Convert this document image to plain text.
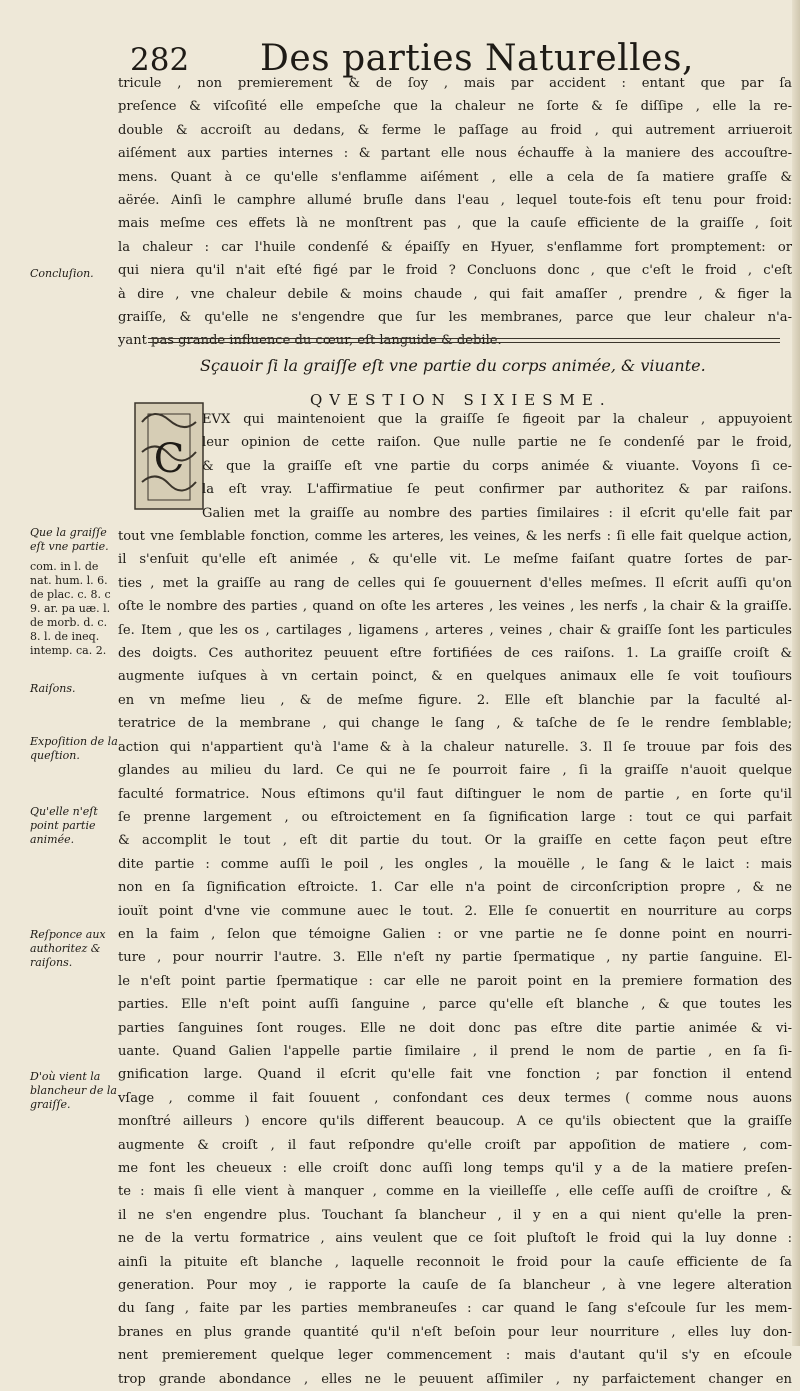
282 Des parties Naturelles,

tricule , non premierement & de ſoy , mais par accident : entant que par ſa

preſence & viſcoſité elle empeſche que la chaleur ne ſorte & ſe diſſipe , elle la re-

double & accroiſt au dedans, & ferme le paſſage au froid , qui autrement arriueroit

aiſément aux parties internes : & partant elle nous échauffe à la maniere des accouſtre-

mens. Quant à ce qu'elle s'enflamme aiſément , elle a cela de ſa matiere graſſe &

aërée. Ainſi le camphre allumé bruſle dans l'eau , lequel toute-fois eſt tenu pour froid:

mais meſme ces effets là ne monſtrent pas , que la cauſe efficiente de la graiſſe , ſoit

la chaleur : car l'huile condenſé & épaiſſy en Hyuer, s'enflamme fort promptement: or

qui niera qu'il n'ait eſté figé par le froid ? Concluons donc , que c'eſt le froid , c'eſt

à dire , vne chaleur debile & moins chaude , qui fait amaſſer , prendre , & figer la

graiſſe, & qu'elle ne s'engendre que ſur les membranes, parce que leur chaleur n'a-

yant pas grande influence du cœur, eſt languide & debile.

Sçauoir ſi la graiſſe eſt vne partie du corps animée, & viuante.
QVESTION SIXIESME.
C

EVX qui maintenoient que la graiſſe ſe figeoit par la chaleur , appuyoient

leur opinion de cette raiſon. Que nulle partie ne ſe condenſé par le froid,

& que la graiſſe eſt vne partie du corps animée & viuante. Voyons ſi ce-

la eſt vray. L'affirmatiue ſe peut confirmer par authoritez & par raiſons.

Galien met la graiſſe au nombre des parties ſimilaires : il eſcrit qu'elle fait par

tout vne ſemblable fonction, comme les arteres, les veines, & les nerfs : ſi elle fait quelque action,

il s'enſuit qu'elle eſt animée , & qu'elle vit. Le meſme faiſant quatre ſortes de par-

ties , met la graiſſe au rang de celles qui ſe gouuernent d'elles meſmes. Il eſcrit auſſi qu'on

oſte le nombre des parties , quand on oſte les arteres , les veines , les nerfs , la chair & la graiſſe.

ſe. Item , que les os , cartilages , ligamens , arteres , veines , chair & graiſſe ſont les particules

des doigts. Ces authoritez peuuent eſtre fortifiées de ces raiſons. 1. La graiſſe croiſt &

augmente iuſques à vn certain poinct, & en quelques animaux elle ſe voit touſiours

en vn meſme lieu , & de meſme figure. 2. Elle eſt blanchie par la faculté al-

teratrice de la membrane , qui change le ſang , & taſche de ſe le rendre ſemblable;

action qui n'appartient qu'à l'ame & à la chaleur naturelle. 3. Il ſe trouue par fois des

glandes au milieu du lard. Ce qui ne ſe pourroit faire , ſi la graiſſe n'auoit quelque

faculté formatrice. Nous eſtimons qu'il faut diſtinguer le nom de partie , en ſorte qu'il

ſe prenne largement , ou eſtroictement en ſa ſignification large : tout ce qui parfait

& accomplit le tout , eſt dit partie du tout. Or la graiſſe en cette façon peut eſtre

dite partie : comme auſſi le poil , les ongles , la mouëlle , le ſang & le laict : mais

non en ſa ſignification eſtroicte. 1. Car elle n'a point de circonſcription propre , & ne

iouït point d'vne vie commune auec le tout. 2. Elle ſe conuertit en nourriture au corps

en la faim , ſelon que témoigne Galien : or vne partie ne ſe donne point en nourri-

ture , pour nourrir l'autre. 3. Elle n'eſt ny partie ſpermatique , ny partie ſanguine. El-

le n'eſt point partie ſpermatique : car elle ne paroit point en la premiere formation des

parties. Elle n'eſt point auſſi ſanguine , parce qu'elle eſt blanche , & que toutes les

parties ſanguines ſont rouges. Elle ne doit donc pas eſtre dite partie animée & vi-

uante. Quand Galien l'appelle partie ſimilaire , il prend le nom de partie , en ſa ſi-

gnification large. Quand il eſcrit qu'elle fait vne fonction ; par fonction il entend

vſage , comme il fait ſouuent , confondant ces deux termes ( comme nous auons

monſtré ailleurs ) encore qu'ils different beaucoup. A ce qu'ils obiectent que la graiſſe

augmente & croiſt , il faut reſpondre qu'elle croiſt par appoſition de matiere , com-

me font les cheueux : elle croiſt donc auſſi long temps qu'il y a de la matiere preſen-

te : mais ſi elle vient à manquer , comme en la vieilleſſe , elle ceſſe auſſi de croiſtre , &

il ne s'en engendre plus. Touchant ſa blancheur , il y en a qui nient qu'elle la pren-

ne de la vertu formatrice , ains veulent que ce ſoit pluſtoſt le froid qui la luy donne :

ainſi la pituite eſt blanche , laquelle reconnoit le froid pour la cauſe efficiente de ſa

generation. Pour moy , ie rapporte la cauſe de ſa blancheur , à vne legere alteration

du ſang , faite par les parties membraneuſes : car quand le ſang s'eſcoule ſur les mem-

branes en plus grande quantité qu'il n'eſt beſoin pour leur nourriture , elles luy don-

nent premierement quelque leger commencement : mais d'autant qu'il s'y en eſcoule

trop grande abondance , elles ne le peuuent aſſimiler , ny parfaictement changer en

Concluſion.
Que la graiſſe eſt vne partie.
com. in l. de nat. hum. l. 6. de plac. c. 8. c 9. ar. pa uæ. l. de morb. d. c. 8. l. de ineq. intemp. ca. 2.
Raiſons.
Expoſition de la queſtion.
Qu'elle n'eſt point partie animée.
Reſponce aux authoritez & raiſons.
D'où vient la blancheur de la graiſſe.
